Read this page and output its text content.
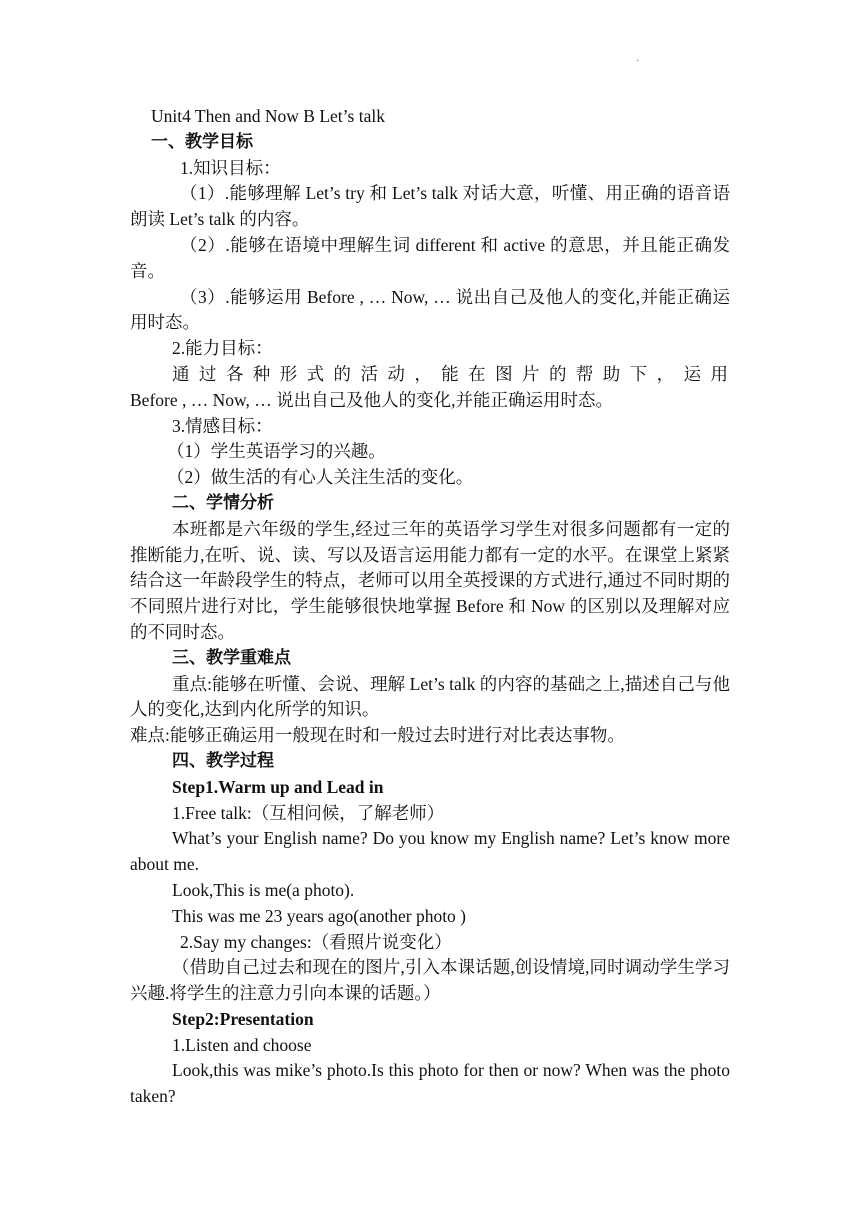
·

Unit4 Then and Now B Let’s talk

一、教学目标

1.知识目标：

（1）.能够理解 Let’s try 和 Let’s talk 对话大意，听懂、用正确的语音语朗读 Let’s talk 的内容。

（2）.能够在语境中理解生词 different 和 active 的意思，并且能正确发音。

（3）.能够运用 Before , … Now, … 说出自己及他人的变化,并能正确运用时态。

2.能力目标：

通过各种形式的活动，能在图片的帮助下，运用

Before , … Now, … 说出自己及他人的变化,并能正确运用时态。

3.情感目标：

（1）学生英语学习的兴趣。

（2）做生活的有心人关注生活的变化。

二、学情分析

本班都是六年级的学生,经过三年的英语学习学生对很多问题都有一定的推断能力,在听、说、读、写以及语言运用能力都有一定的水平。在课堂上紧紧结合这一年龄段学生的特点，老师可以用全英授课的方式进行,通过不同时期的不同照片进行对比，学生能够很快地掌握 Before 和 Now 的区别以及理解对应的不同时态。

三、教学重难点

重点:能够在听懂、会说、理解 Let’s talk 的内容的基础之上,描述自己与他人的变化,达到内化所学的知识。

难点:能够正确运用一般现在时和一般过去时进行对比表达事物。

四、教学过程

Step1.Warm up and Lead in

1.Free talk:（互相问候，了解老师）

What’s your English name? Do you know my English name? Let’s know more about me.

Look,This is me(a photo).

This was me 23 years ago(another photo )

2.Say my changes:（看照片说变化）

（借助自己过去和现在的图片,引入本课话题,创设情境,同时调动学生学习兴趣.将学生的注意力引向本课的话题。）

Step2:Presentation

1.Listen and choose

Look,this was mike’s photo.Is this photo for then or now? When was the photo taken?
